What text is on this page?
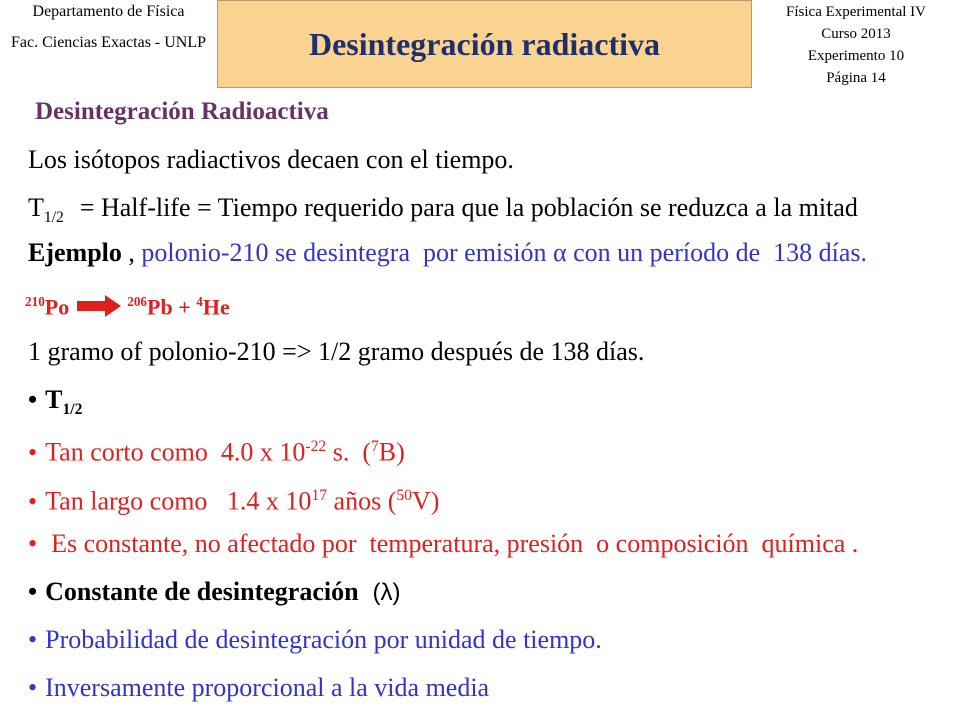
Departamento de Física
Fac. Ciencias Exactas - UNLP	Desintegración radiactiva
Física Experimental IV
Curso 2013
Experimento 10
Página 14
Desintegración Radioactiva
Los isótopos radiactivos decaen con el tiempo.
$T_{1/2}$ = Half-life = Tiempo requerido para que la población se reduzca a la mitad
Ejemplo , polonio-210 se desintegra  por emisión α con un período de  138 días.
$^{210}$Po	$^{206}$Pb + $^4$He
1 gramo of polonio-210 => 1/2 gramo después de 138 días.
• $T_{1/2}$
• Tan corto como  4.0 x $10^{-22}$ s.  ($^7$B)
• Tan largo como   1.4 x $10^{17}$ años ($^{50}$V)
• Es constante, no afectado por  temperatura, presión  o composición  química .
• Constante de desintegración (λ)
• Probabilidad de desintegración por unidad de tiempo.
• Inversamente proporcional a la vida media
